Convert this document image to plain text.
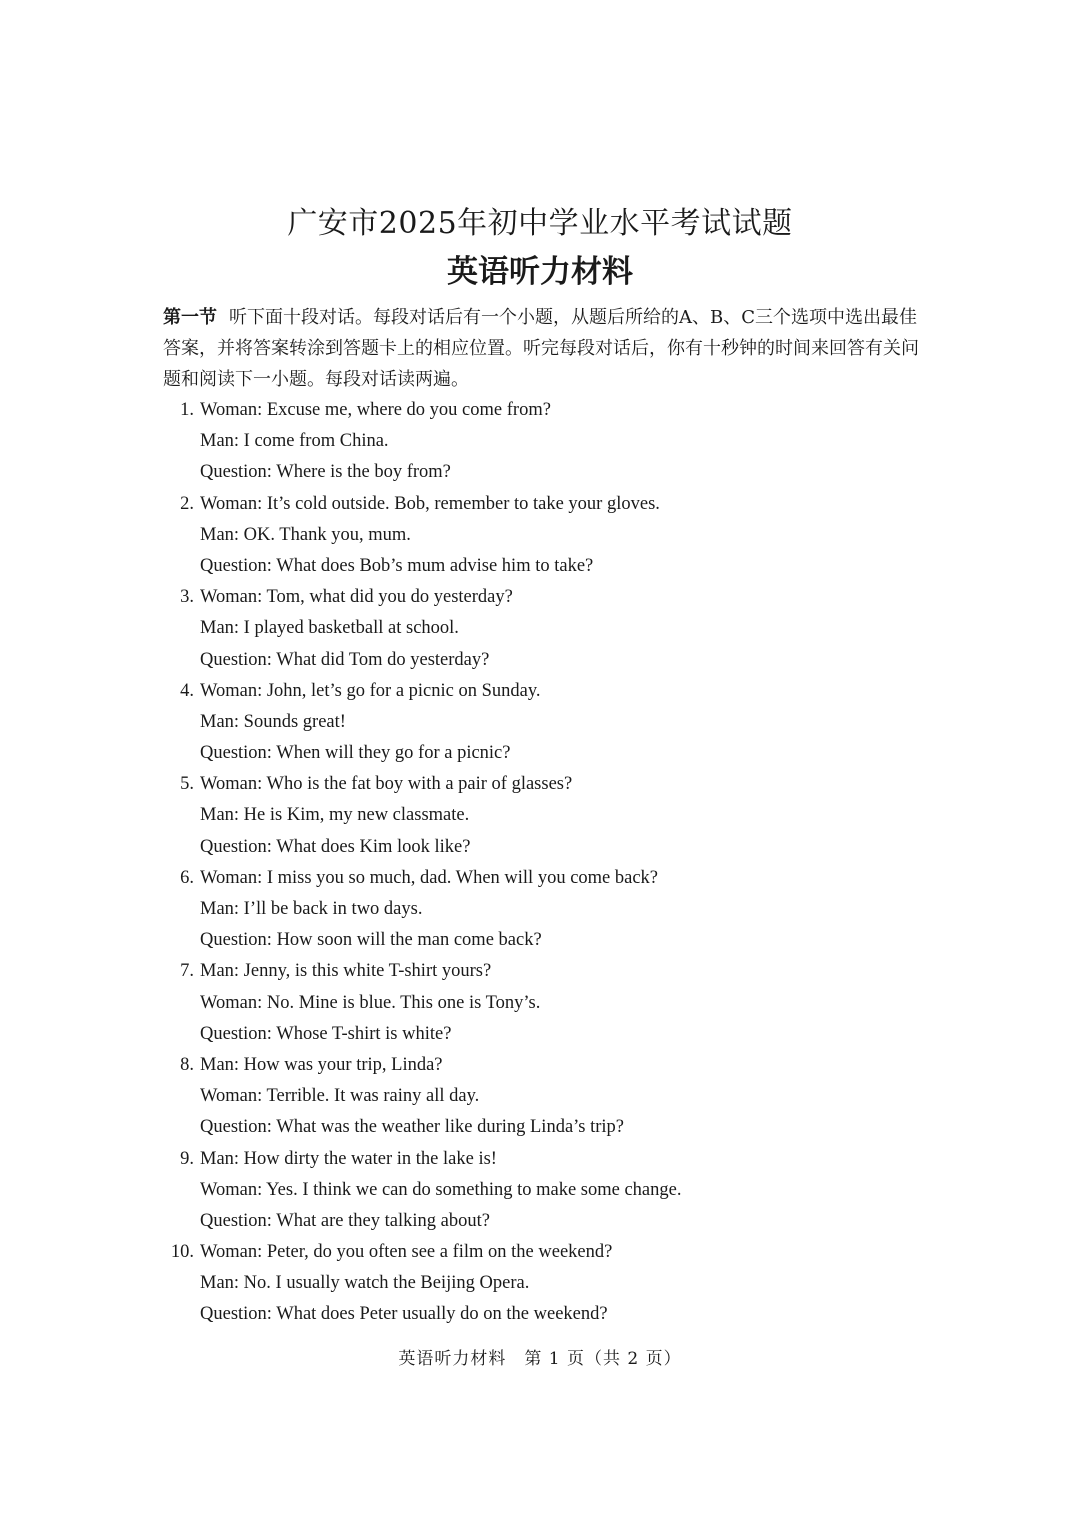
广安市2025年初中学业水平考试试题
英语听力材料
第一节 听下面十段对话。每段对话后有一个小题，从题后所给的A、B、C三个选项中选出最佳答案，并将答案转涂到答题卡上的相应位置。听完每段对话后，你有十秒钟的时间来回答有关问题和阅读下一小题。每段对话读两遍。
1. Woman: Excuse me, where do you come from?
Man: I come from China.
Question: Where is the boy from?
2. Woman: It’s cold outside. Bob, remember to take your gloves.
Man: OK. Thank you, mum.
Question: What does Bob’s mum advise him to take?
3. Woman: Tom, what did you do yesterday?
Man: I played basketball at school.
Question: What did Tom do yesterday?
4. Woman: John, let’s go for a picnic on Sunday.
Man: Sounds great!
Question: When will they go for a picnic?
5. Woman: Who is the fat boy with a pair of glasses?
Man: He is Kim, my new classmate.
Question: What does Kim look like?
6. Woman: I miss you so much, dad. When will you come back?
Man: I’ll be back in two days.
Question: How soon will the man come back?
7. Man: Jenny, is this white T-shirt yours?
Woman: No. Mine is blue. This one is Tony’s.
Question: Whose T-shirt is white?
8. Man: How was your trip, Linda?
Woman: Terrible. It was rainy all day.
Question: What was the weather like during Linda’s trip?
9. Man: How dirty the water in the lake is!
Woman: Yes. I think we can do something to make some change.
Question: What are they talking about?
10. Woman: Peter, do you often see a film on the weekend?
Man: No. I usually watch the Beijing Opera.
Question: What does Peter usually do on the weekend?
英语听力材料　第 1 页（共 2 页）
